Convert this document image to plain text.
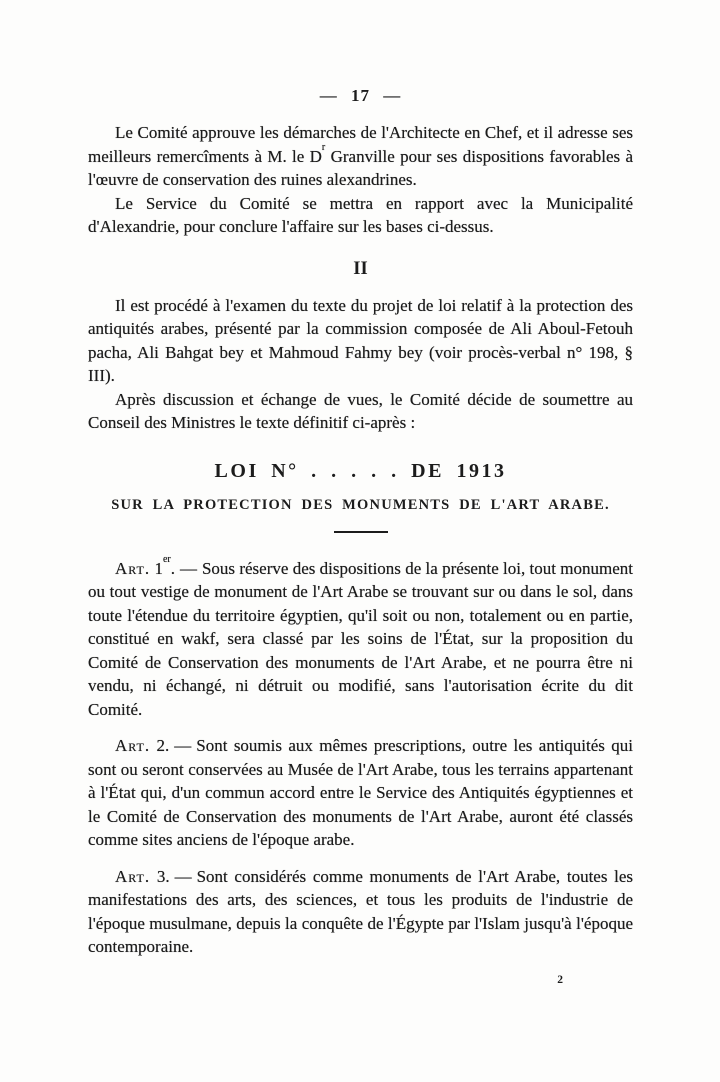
— 17 —

Le Comité approuve les démarches de l'Architecte en Chef, et il adresse ses meilleurs remercîments à M. le $D^r$ Granville pour ses dispositions favorables à l'œuvre de conservation des ruines alexandrines.

Le Service du Comité se mettra en rapport avec la Municipalité d'Alexandrie, pour conclure l'affaire sur les bases ci-dessus.

II

Il est procédé à l'examen du texte du projet de loi relatif à la protection des antiquités arabes, présenté par la commission composée de Ali Aboul-Fetouh pacha, Ali Bahgat bey et Mahmoud Fahmy bey (voir procès-verbal n° 198, § III).

Après discussion et échange de vues, le Comité décide de soumettre au Conseil des Ministres le texte définitif ci-après :

LOI N° . . . . . DE 1913
SUR LA PROTECTION DES MONUMENTS DE L'ART ARABE.

Art. 1er. — Sous réserve des dispositions de la présente loi, tout monument ou tout vestige de monument de l'Art Arabe se trouvant sur ou dans le sol, dans toute l'étendue du territoire égyptien, qu'il soit ou non, totalement ou en partie, constitué en wakf, sera classé par les soins de l'État, sur la proposition du Comité de Conservation des monuments de l'Art Arabe, et ne pourra être ni vendu, ni échangé, ni détruit ou modifié, sans l'autorisation écrite du dit Comité.

Art. 2. — Sont soumis aux mêmes prescriptions, outre les antiquités qui sont ou seront conservées au Musée de l'Art Arabe, tous les terrains appartenant à l'État qui, d'un commun accord entre le Service des Antiquités égyptiennes et le Comité de Conservation des monuments de l'Art Arabe, auront été classés comme sites anciens de l'époque arabe.

Art. 3. — Sont considérés comme monuments de l'Art Arabe, toutes les manifestations des arts, des sciences, et tous les produits de l'industrie de l'époque musulmane, depuis la conquête de l'Égypte par l'Islam jusqu'à l'époque contemporaine.

2
